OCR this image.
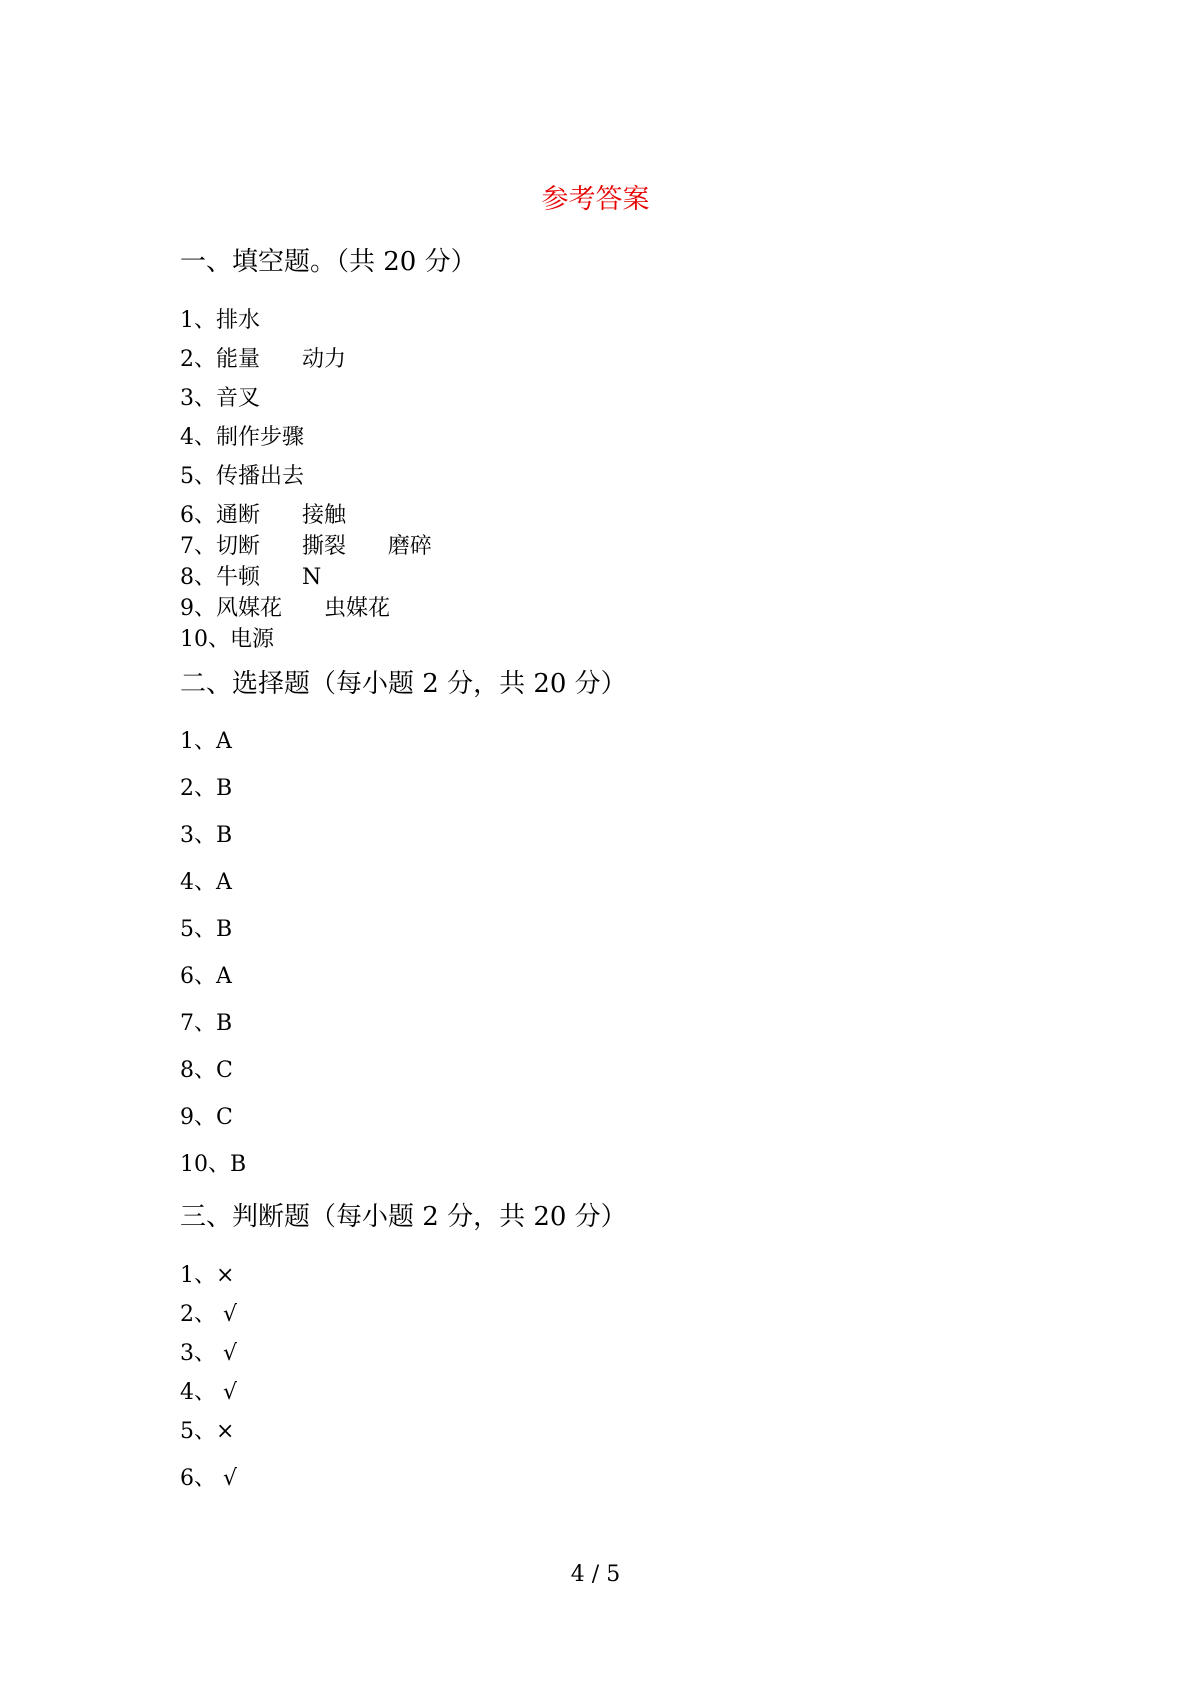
参考答案
一、填空题。（共 20 分）
1、排水
2、能量      动力
3、音叉
4、制作步骤
5、传播出去
6、通断      接触
7、切断      撕裂      磨碎
8、牛顿      N
9、风媒花      虫媒花
10、电源
二、选择题（每小题 2 分，共 20 分）
1、A
2、B
3、B
4、A
5、B
6、A
7、B
8、C
9、C
10、B
三、判断题（每小题 2 分，共 20 分）
1、×
2、 √
3、 √
4、 √
5、×
6、 √
4 / 5
